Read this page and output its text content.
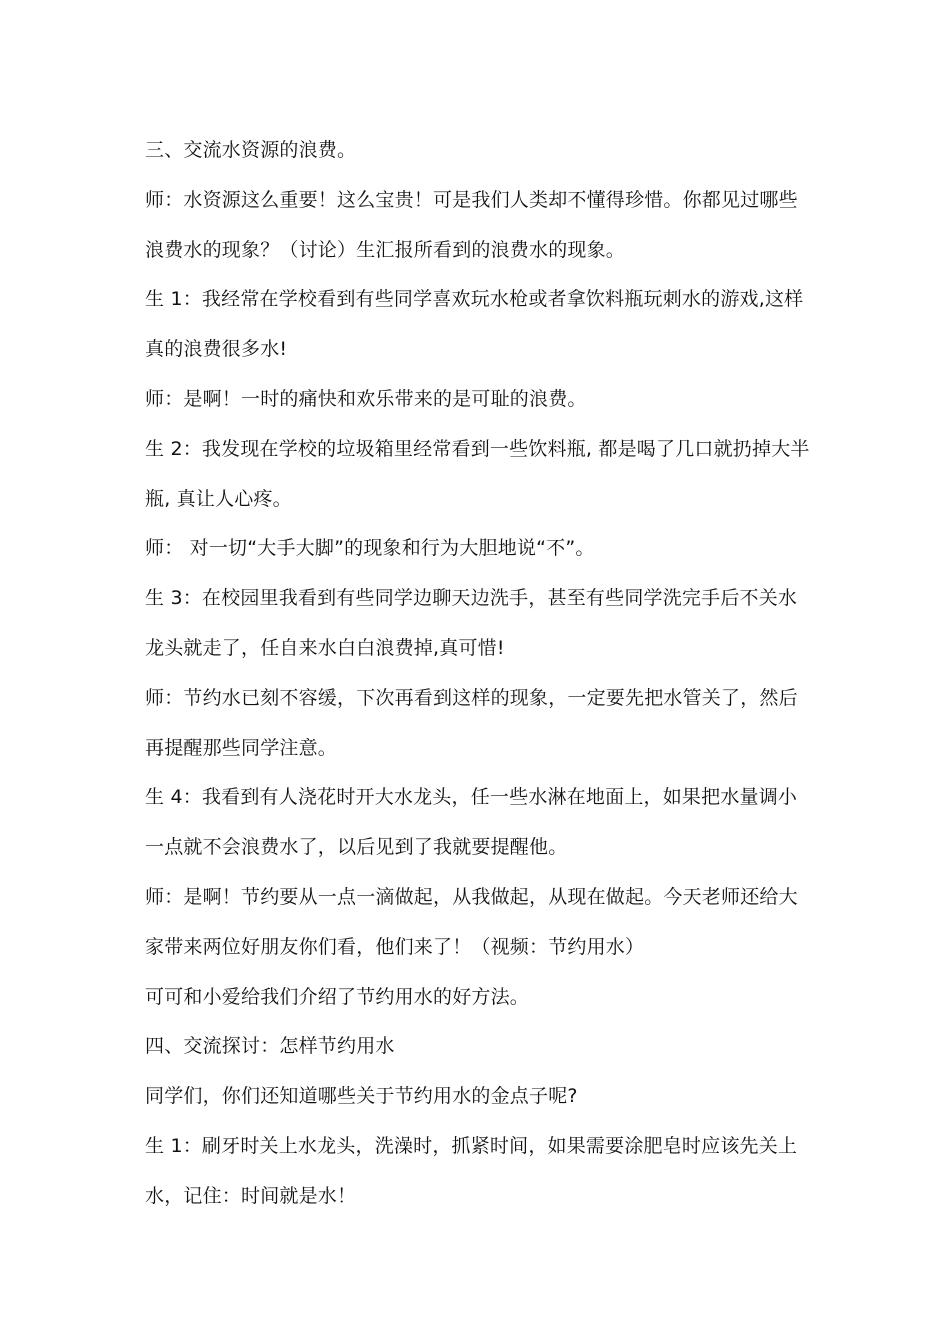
三、交流水资源的浪费。
师：水资源这么重要！这么宝贵！可是我们人类却不懂得珍惜。你都见过哪些
浪费水的现象？（讨论）生汇报所看到的浪费水的现象。
生 1：我经常在学校看到有些同学喜欢玩水枪或者拿饮料瓶玩刺水的游戏,这样
真的浪费很多水!
师：是啊！一时的痛快和欢乐带来的是可耻的浪费。
生 2：我发现在学校的垃圾箱里经常看到一些饮料瓶, 都是喝了几口就扔掉大半
瓶, 真让人心疼。
师： 对一切“大手大脚”的现象和行为大胆地说“不”。
生 3：在校园里我看到有些同学边聊天边洗手，甚至有些同学洗完手后不关水
龙头就走了，任自来水白白浪费掉,真可惜!
师：节约水已刻不容缓，下次再看到这样的现象，一定要先把水管关了，然后
再提醒那些同学注意。
生 4：我看到有人浇花时开大水龙头，任一些水淋在地面上，如果把水量调小
一点就不会浪费水了，以后见到了我就要提醒他。
师：是啊！节约要从一点一滴做起，从我做起，从现在做起。今天老师还给大
家带来两位好朋友你们看，他们来了！（视频：节约用水）
可可和小爱给我们介绍了节约用水的好方法。
四、交流探讨：怎样节约用水
同学们，你们还知道哪些关于节约用水的金点子呢?
生 1：刷牙时关上水龙头，洗澡时，抓紧时间，如果需要涂肥皂时应该先关上
水，记住：时间就是水！
